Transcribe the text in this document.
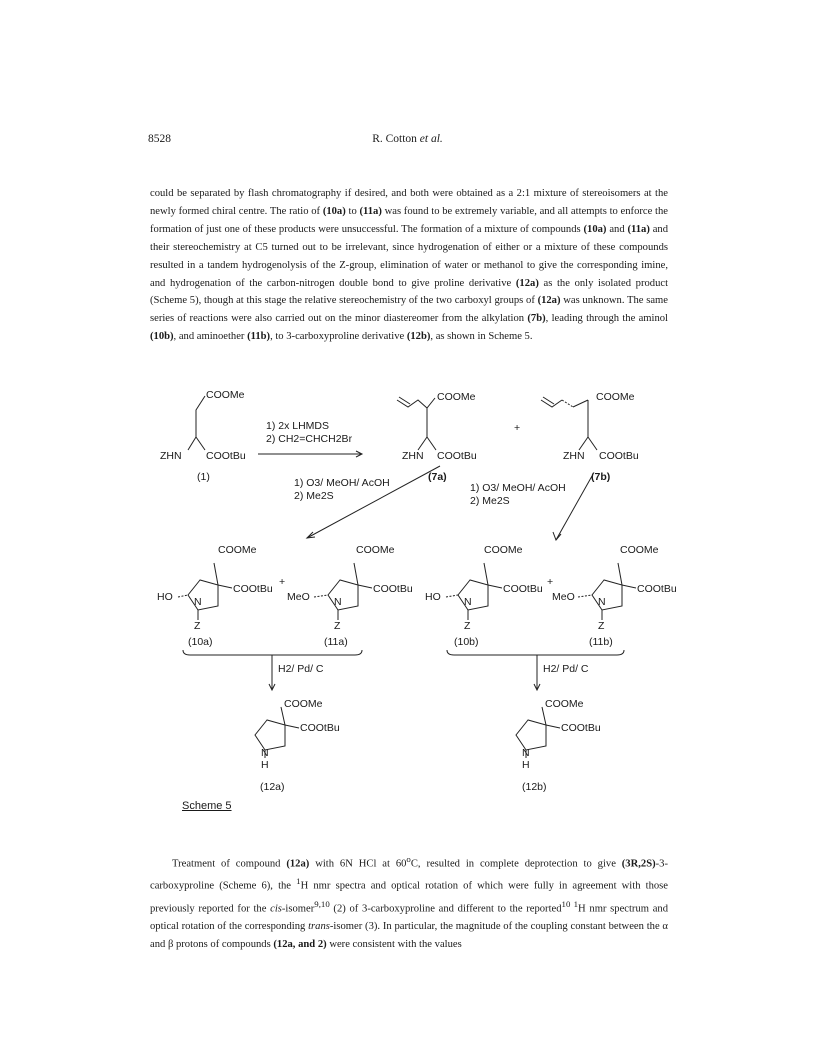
8528	R. Cotton et al.

could be separated by flash chromatography if desired, and both were obtained as a 2:1 mixture of stereoisomers at the newly formed chiral centre. The ratio of (10a) to (11a) was found to be extremely variable, and all attempts to enforce the formation of just one of these products were unsuccessful. The formation of a mixture of compounds (10a) and (11a) and their stereochemistry at C5 turned out to be irrelevant, since hydrogenation of either or a mixture of these compounds resulted in a tandem hydrogenolysis of the Z-group, elimination of water or methanol to give the corresponding imine, and hydrogenation of the carbon-nitrogen double bond to give proline derivative (12a) as the only isolated product (Scheme 5), though at this stage the relative stereochemistry of the two carboxyl groups of (12a) was unknown. The same series of reactions were also carried out on the minor diastereomer from the alkylation (7b), leading through the aminol (10b), and aminoether (11b), to 3-carboxyproline derivative (12b), as shown in Scheme 5.

COOMe
ZHN COOtBu
(1)
1) 2x LHMDS
2) CH2=CHCH2Br
COOMe
ZHN COOtBu
(7a)
+
COOMe
ZHN COOtBu
(7b)
1) O3/ MeOH/ AcOH
2) Me2S
1) O3/ MeOH/ AcOH
2) Me2S
COOMe
HO N
COOtBu
Z
(10a)
+
COOMe
MeO N
COOtBu
Z
(11a)
COOMe
HO N
COOtBu
Z
(10b)
+
COOMe
MeO N
COOtBu
Z
(11b)
H2/ Pd/ C	H2/ Pd/ C
COOMe
N
COOtBu
H
(12a)
COOMe
N
COOtBu
H
(12b)
Scheme 5

Treatment of compound (12a) with 6N HCl at 60$^o$C, resulted in complete deprotection to give (3R,2S)-3-carboxyproline (Scheme 6), the $^1$H nmr spectra and optical rotation of which were fully in agreement with those previously reported for the cis-isomer$^{9,10}$ (2) of 3-carboxyproline and different to the reported$^{10}$ $^1$H nmr spectrum and optical rotation of the corresponding trans-isomer (3). In particular, the magnitude of the coupling constant between the α and β protons of compounds (12a, and 2) were consistent with the values
